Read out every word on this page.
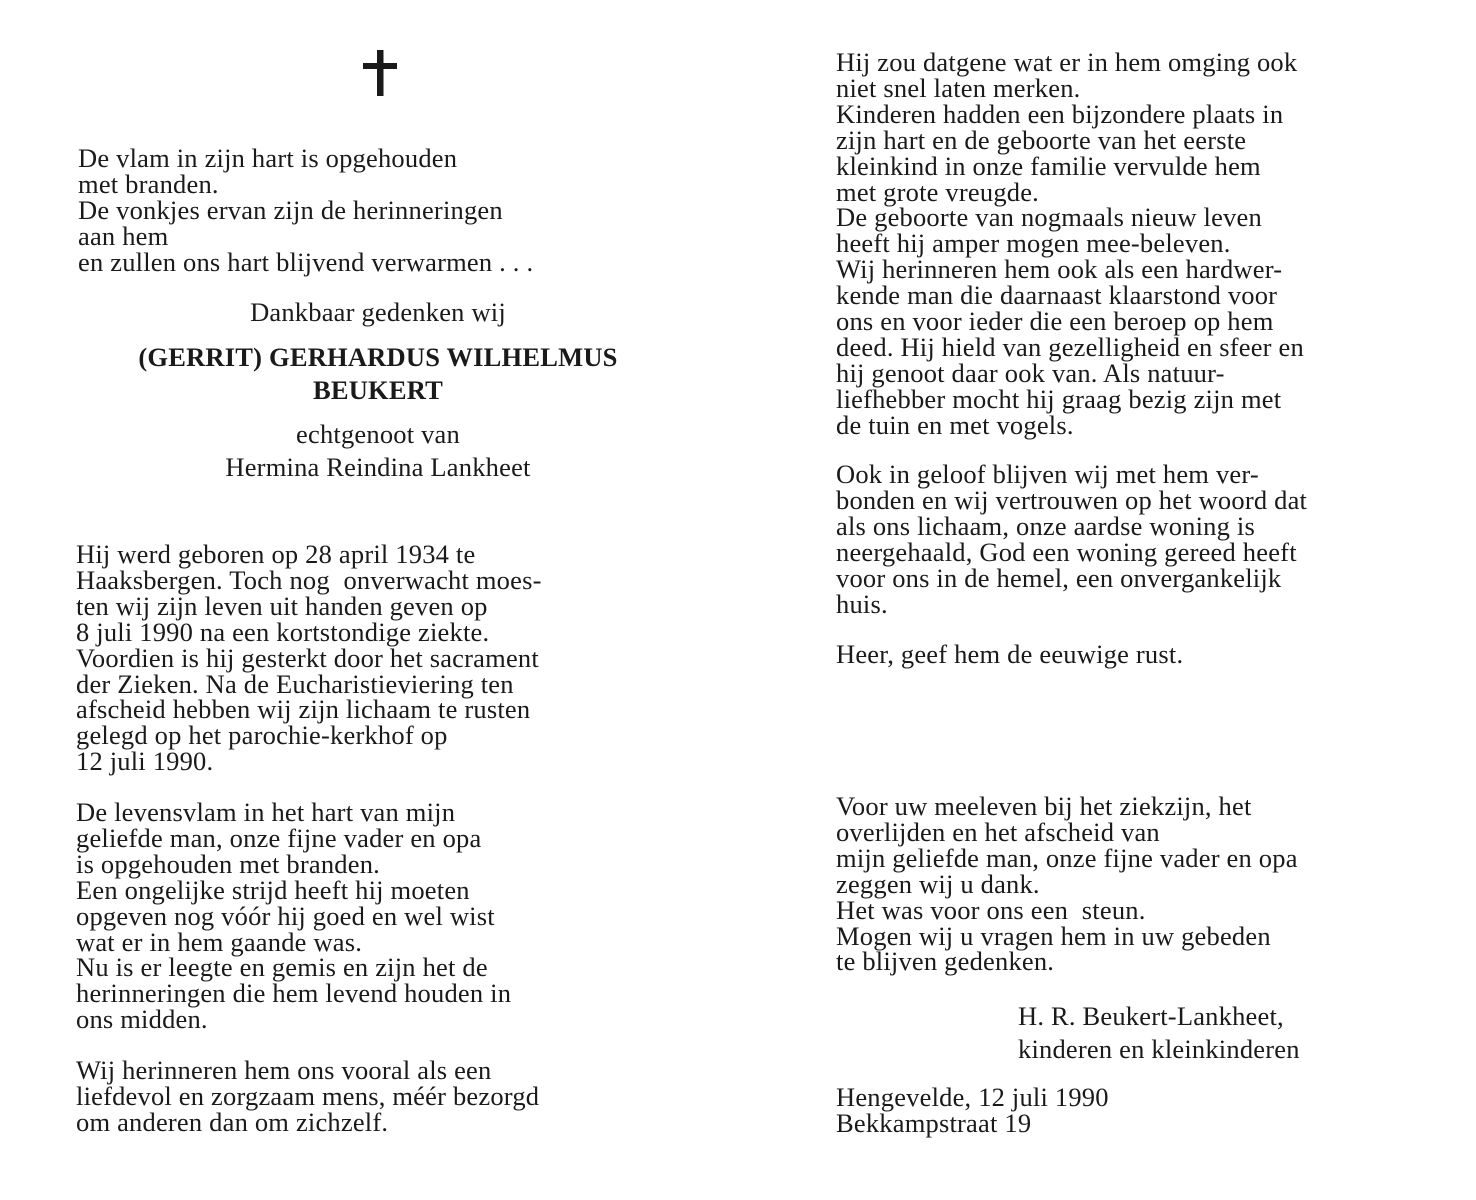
De vlam in zijn hart is opgehouden
met branden.
De vonkjes ervan zijn de herinneringen
aan hem
en zullen ons hart blijvend verwarmen . . .
Dankbaar gedenken wij
(GERRIT) GERHARDUS WILHELMUS
BEUKERT
echtgenoot van
Hermina Reindina Lankheet
Hij werd geboren op 28 april 1934 te
Haaksbergen. Toch nog  onverwacht moes-
ten wij zijn leven uit handen geven op
8 juli 1990 na een kortstondige ziekte.
Voordien is hij gesterkt door het sacrament
der Zieken. Na de Eucharistieviering ten
afscheid hebben wij zijn lichaam te rusten
gelegd op het parochie-kerkhof op
12 juli 1990.
De levensvlam in het hart van mijn
geliefde man, onze fijne vader en opa
is opgehouden met branden.
Een ongelijke strijd heeft hij moeten
opgeven nog vóór hij goed en wel wist
wat er in hem gaande was.
Nu is er leegte en gemis en zijn het de
herinneringen die hem levend houden in
ons midden.
Wij herinneren hem ons vooral als een
liefdevol en zorgzaam mens, méér bezorgd
om anderen dan om zichzelf.
Hij zou datgene wat er in hem omging ook
niet snel laten merken.
Kinderen hadden een bijzondere plaats in
zijn hart en de geboorte van het eerste
kleinkind in onze familie vervulde hem
met grote vreugde.
De geboorte van nogmaals nieuw leven
heeft hij amper mogen mee-beleven.
Wij herinneren hem ook als een hardwer-
kende man die daarnaast klaarstond voor
ons en voor ieder die een beroep op hem
deed. Hij hield van gezelligheid en sfeer en
hij genoot daar ook van. Als natuur-
liefhebber mocht hij graag bezig zijn met
de tuin en met vogels.
Ook in geloof blijven wij met hem ver-
bonden en wij vertrouwen op het woord dat
als ons lichaam, onze aardse woning is
neergehaald, God een woning gereed heeft
voor ons in de hemel, een onvergankelijk
huis.
Heer, geef hem de eeuwige rust.
Voor uw meeleven bij het ziekzijn, het
overlijden en het afscheid van
mijn geliefde man, onze fijne vader en opa
zeggen wij u dank.
Het was voor ons een  steun.
Mogen wij u vragen hem in uw gebeden
te blijven gedenken.
H. R. Beukert-Lankheet,
kinderen en kleinkinderen
Hengevelde, 12 juli 1990
Bekkampstraat 19
